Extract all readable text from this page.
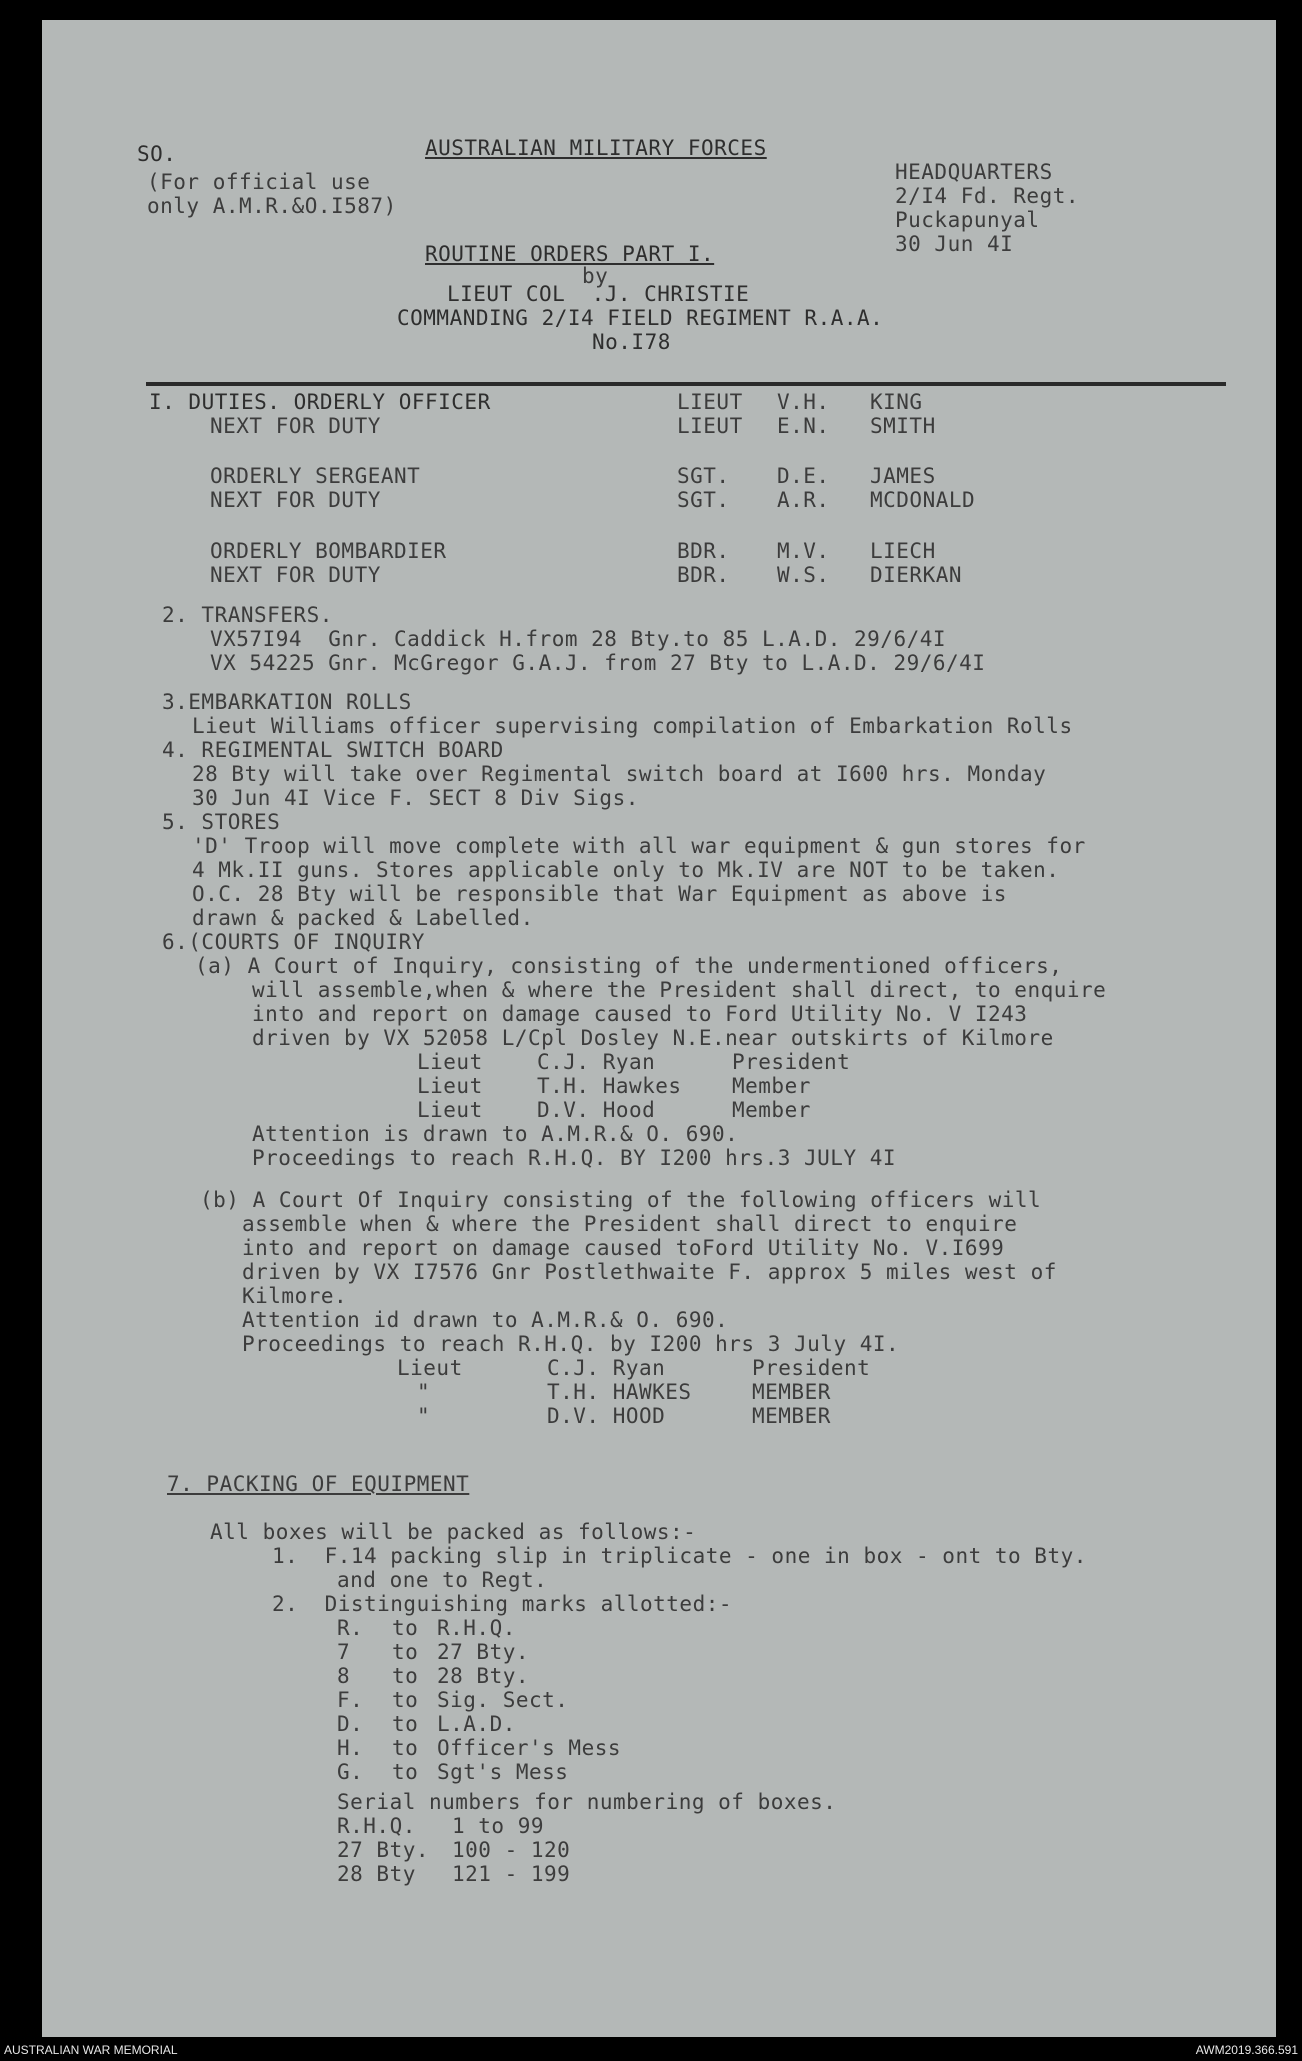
SO.	AUSTRALIAN MILITARY FORCES
(For official use
only A.M.R.&O.I587)
HEADQUARTERS
2/I4 Fd. Regt.
Puckapunyal
30 Jun 4I
ROUTINE ORDERS PART I.
by
LIEUT COL  .J. CHRISTIE
COMMANDING 2/I4 FIELD REGIMENT R.A.A.
No.I78
I. DUTIES. ORDERLY OFFICER	LIEUT V.H. KING
NEXT FOR DUTY	LIEUT E.N. SMITH
ORDERLY SERGEANT	SGT. D.E. JAMES
NEXT FOR DUTY	SGT. A.R. MCDONALD
ORDERLY BOMBARDIER	BDR. M.V. LIECH
NEXT FOR DUTY	BDR. W.S. DIERKAN
2. TRANSFERS.
VX57I94  Gnr. Caddick H.from 28 Bty.to 85 L.A.D. 29/6/4I
VX 54225 Gnr. McGregor G.A.J. from 27 Bty to L.A.D. 29/6/4I
3.EMBARKATION ROLLS
Lieut Williams officer supervising compilation of Embarkation Rolls
4. REGIMENTAL SWITCH BOARD
28 Bty will take over Regimental switch board at I600 hrs. Monday
30 Jun 4I Vice F. SECT 8 Div Sigs.
5. STORES
'D' Troop will move complete with all war equipment & gun stores for
4 Mk.II guns. Stores applicable only to Mk.IV are NOT to be taken.
O.C. 28 Bty will be responsible that War Equipment as above is
drawn & packed & Labelled.
6.(COURTS OF INQUIRY
(a) A Court of Inquiry, consisting of the undermentioned officers,
will assemble,when & where the President shall direct, to enquire
into and report on damage caused to Ford Utility No. V I243
driven by VX 52058 L/Cpl Dosley N.E.near outskirts of Kilmore
Lieut	C.J. Ryan	President
Lieut	T.H. Hawkes Member
Lieut	D.V. Hood	Member
Attention is drawn to A.M.R.& O. 690.
Proceedings to reach R.H.Q. BY I200 hrs.3 JULY 4I
(b) A Court Of Inquiry consisting of the following officers will
assemble when & where the President shall direct to enquire
into and report on damage caused toFord Utility No. V.I699
driven by VX I7576 Gnr Postlethwaite F. approx 5 miles west of
Kilmore.
Attention id drawn to A.M.R.& O. 690.
Proceedings to reach R.H.Q. by I200 hrs 3 July 4I.
Lieut	C.J. Ryan	President
"	T.H. HAWKES	MEMBER
"	D.V. HOOD	MEMBER
7. PACKING OF EQUIPMENT
All boxes will be packed as follows:-
1.  F.14 packing slip in triplicate - one in box - ont to Bty.
and one to Regt.
2.  Distinguishing marks allotted:-
R. to R.H.Q.
7 to 27 Bty.
8 to 28 Bty.
F. to Sig. Sect.
D. to L.A.D.
H. to Officer's Mess
G. to Sgt's Mess
Serial numbers for numbering of boxes.
R.H.Q. 1 to 99
27 Bty. 100 - 120
28 Bty 121 - 199
AUSTRALIAN WAR MEMORIAL	AWM2019.366.591
